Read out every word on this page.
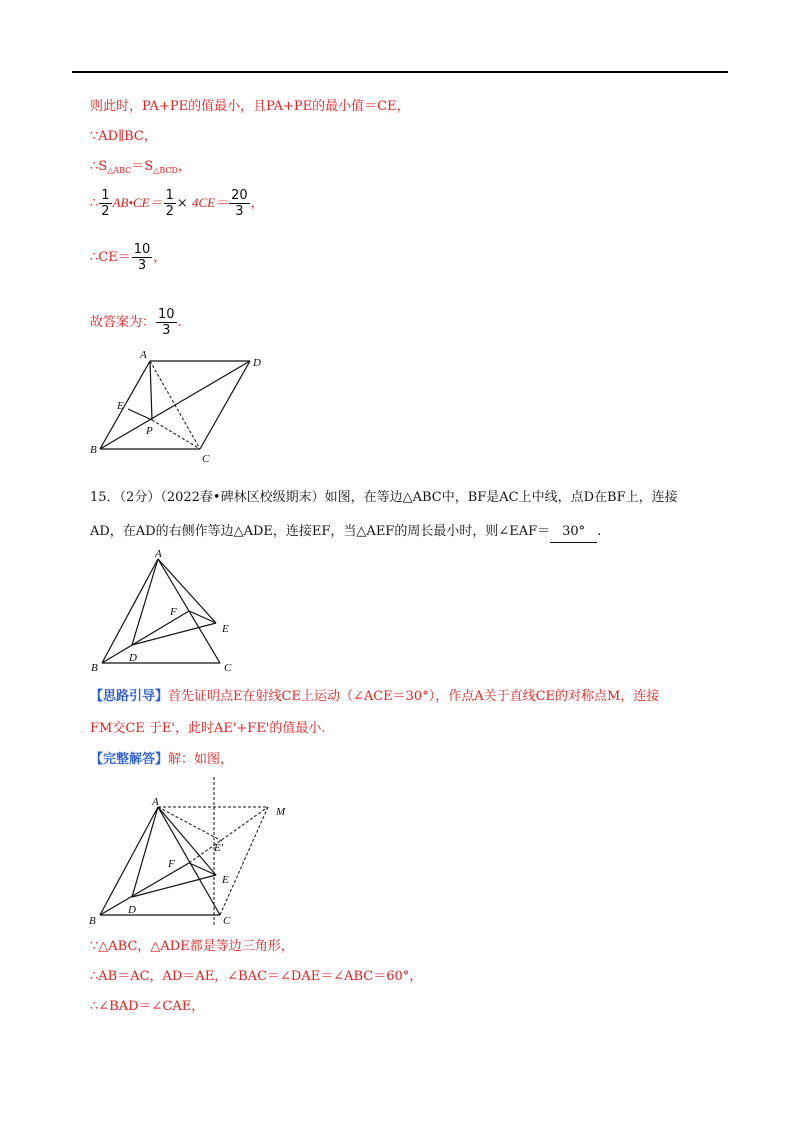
则此时，PA+PE的值最小，且PA+PE的最小值＝CE，
∵AD∥BC，
$\therefore S_{\triangle ABC}=S_{\triangle BCD}$，
∴ $\frac{1}{2}$ AB•CE＝ $\frac{1}{2} \times 4CE= \frac{20}{3}$ ，
∴CE＝ $\frac{10}{3}$ ，
故答案为： $\frac{10}{3}$ .
A
D
E
P
B
C
15．（2分）（2022春•碑林区校级期末）如图，在等边△ABC中，BF是AC上中线，点D在BF上，连接
AD，在AD的右侧作等边△ADE，连接EF，当△AEF的周长最小时，则∠EAF＝ 30° .
A
F
E
D
B	C
【思路引导】首先证明点E在射线CE上运动（∠ACE＝30°），作点A关于直线CE的对称点M，连接
FM交CE 于E'，此时AE'+FE'的值最小.
【完整解答】解：如图，
A
M
E'
F
E
D
B	C
∵△ABC，△ADE都是等边三角形，
∴AB＝AC，AD＝AE，∠BAC＝∠DAE＝∠ABC＝60°，
∴∠BAD＝∠CAE，
